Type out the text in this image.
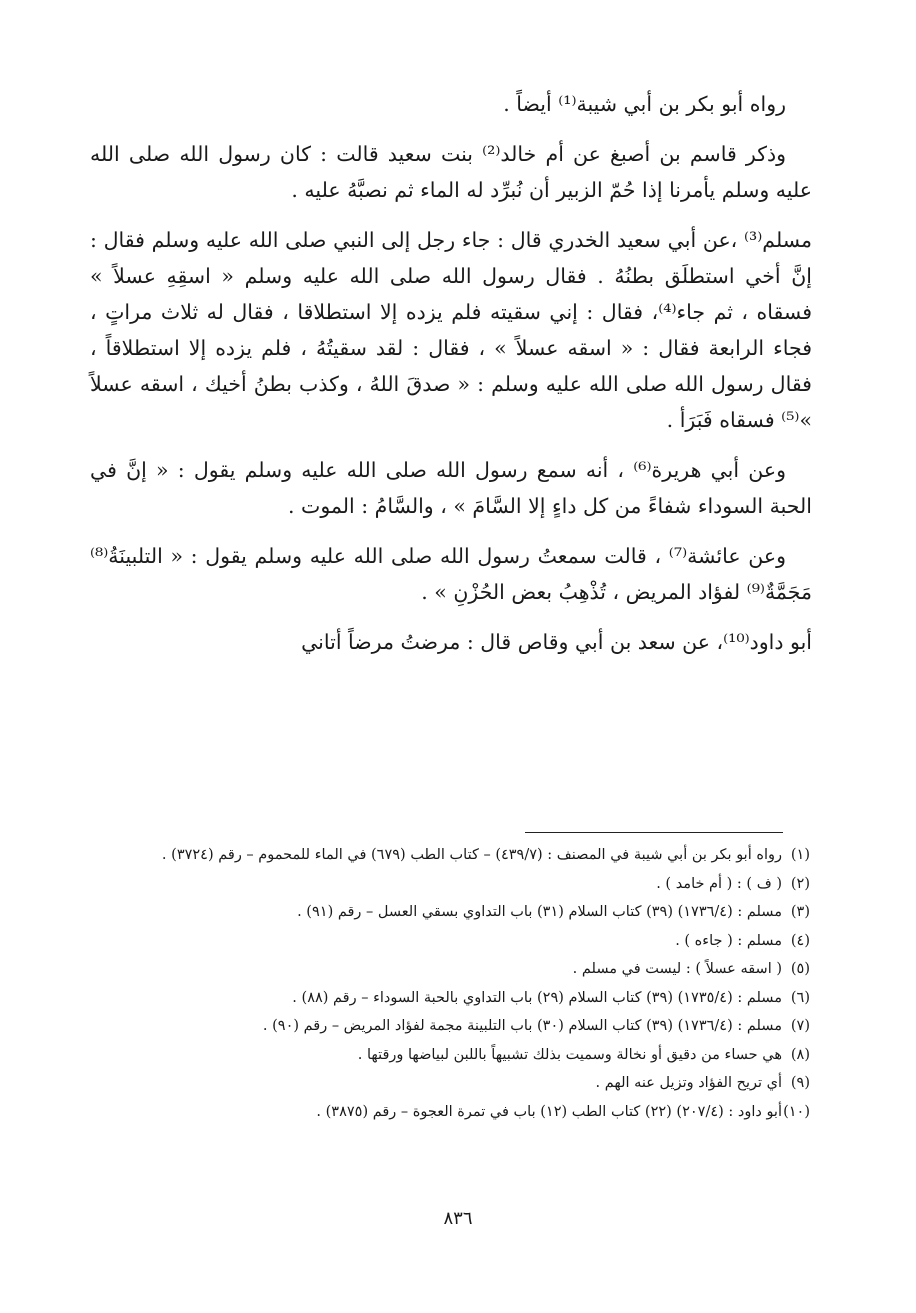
رواه أبو بكر بن أبي شيبة⁽¹⁾ أيضاً .

وذكر قاسم بن أصبغ عن أم خالد⁽²⁾ بنت سعيد قالت : كان رسول الله صلى الله عليه وسلم يأمرنا إذا حُمّ الزبير أن نُبرِّد له الماء ثم نصبَّهُ عليه .

مسلم⁽³⁾ ،عن أبي سعيد الخدري قال : جاء رجل إلى النبي صلى الله عليه وسلم فقال : إنَّ أخي استطلَق بطنُهُ . فقال رسول الله صلى الله عليه وسلم « اسقِهِ عسلاً » فسقاه ، ثم جاء⁽⁴⁾، فقال : إني سقيته فلم يزده إلا استطلاقا ، فقال له ثلاث مراتٍ ، فجاء الرابعة فقال : « اسقه عسلاً » ، فقال : لقد سقيتُهُ ، فلم يزده إلا استطلاقاً ، فقال رسول الله صلى الله عليه وسلم : « صدقَ اللهُ ، وكذب بطنُ أخيك ، اسقه عسلاً »⁽⁵⁾ فسقاه فَبَرَأ .

وعن أبي هريرة⁽⁶⁾ ، أنه سمع رسول الله صلى الله عليه وسلم يقول : « إنَّ في الحبة السوداء شفاءً من كل داءٍ إلا السَّامَ » ، والسَّامُ : الموت .

وعن عائشة⁽⁷⁾ ، قالت سمعتُ رسول الله صلى الله عليه وسلم يقول : « التلبينَةُ⁽⁸⁾ مَجَمَّةٌ⁽⁹⁾ لفؤاد المريض ، تُذْهِبُ بعض الحُزْنِ » .

أبو داود⁽¹⁰⁾، عن سعد بن أبي وقاص قال : مرضتُ مرضاً أتاني

(١)
رواه أبو بكر بن أبي شيبة في المصنف : (٤٣٩/٧) – كتاب الطب (٦٧٩) في الماء للمحموم – رقم (٣٧٢٤) .
(٢)
( ف ) : ( أم خامد ) .
(٣)
مسلم : (١٧٣٦/٤) (٣٩) كتاب السلام (٣١) باب التداوي بسقي العسل – رقم (٩١) .
(٤)
مسلم : ( جاءه ) .
(٥)
( اسقه عسلاً ) : ليست في مسلم .
(٦)
مسلم : (١٧٣٥/٤) (٣٩) كتاب السلام (٢٩) باب التداوي بالحبة السوداء – رقم (٨٨) .
(٧)
مسلم : (١٧٣٦/٤) (٣٩) كتاب السلام (٣٠) باب التلبينة مجمة لفؤاد المريض – رقم (٩٠) .
(٨)
هي حساء من دقيق أو نخالة وسميت بذلك تشبيهاً باللبن لبياضها ورقتها .
(٩)
أي تريح الفؤاد وتزيل عنه الهم .
(١٠)
أبو داود : (٢٠٧/٤) (٢٢) كتاب الطب (١٢) باب في تمرة العجوة – رقم (٣٨٧٥) .
٨٣٦
